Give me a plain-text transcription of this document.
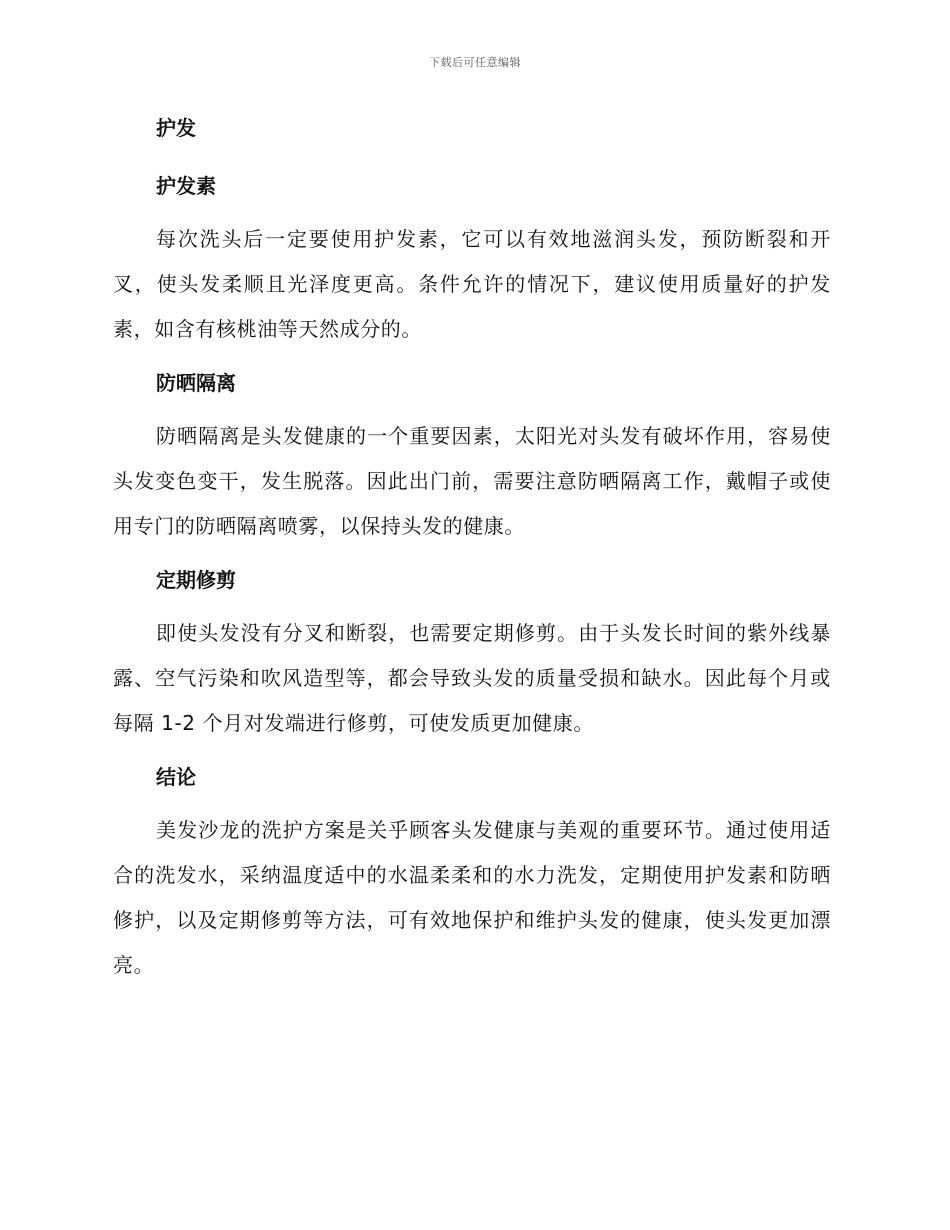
下载后可任意编辑
护发
护发素

每次洗头后一定要使用护发素，它可以有效地滋润头发，预防断裂和开叉，使头发柔顺且光泽度更高。条件允许的情况下，建议使用质量好的护发素，如含有核桃油等天然成分的。

防晒隔离

防晒隔离是头发健康的一个重要因素，太阳光对头发有破坏作用，容易使头发变色变干，发生脱落。因此出门前，需要注意防晒隔离工作，戴帽子或使用专门的防晒隔离喷雾，以保持头发的健康。

定期修剪

即使头发没有分叉和断裂，也需要定期修剪。由于头发长时间的紫外线暴露、空气污染和吹风造型等，都会导致头发的质量受损和缺水。因此每个月或每隔 1-2 个月对发端进行修剪，可使发质更加健康。

结论

美发沙龙的洗护方案是关乎顾客头发健康与美观的重要环节。通过使用适合的洗发水，采纳温度适中的水温柔柔和的水力洗发，定期使用护发素和防晒修护，以及定期修剪等方法，可有效地保护和维护头发的健康，使头发更加漂亮。
